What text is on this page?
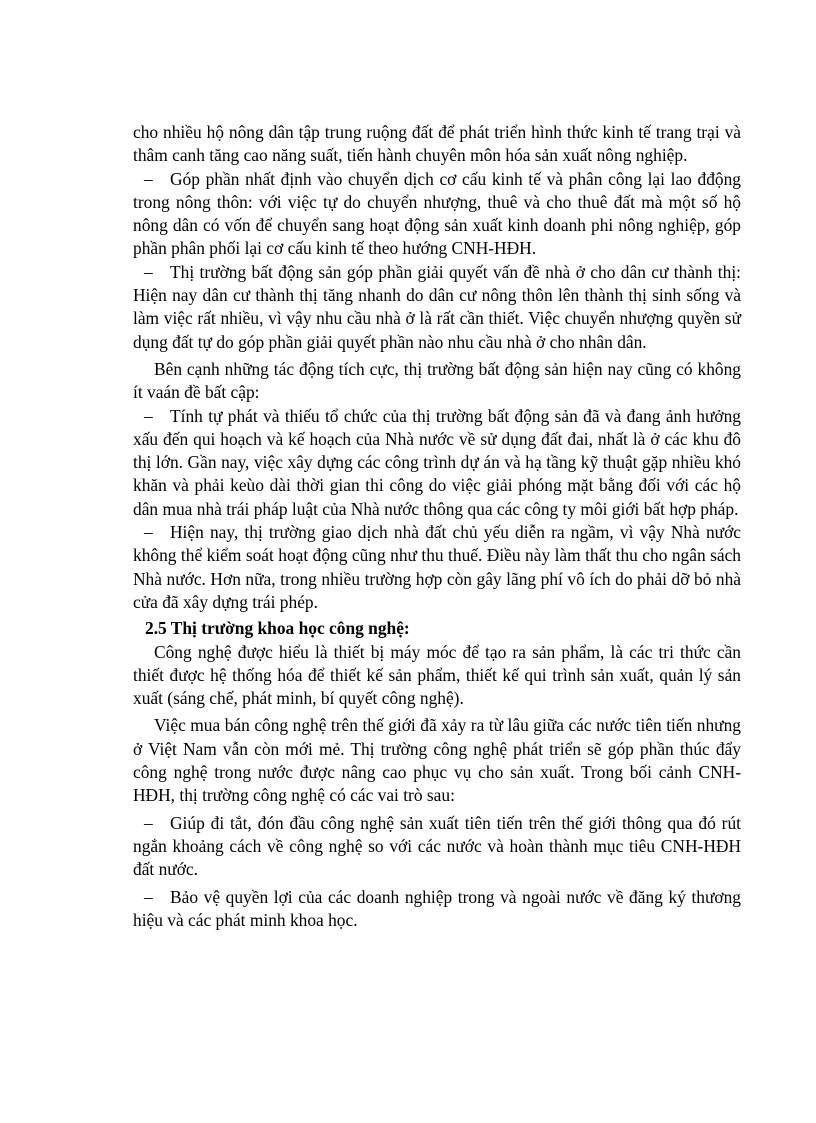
cho nhiều hộ nông dân tập trung ruộng đất để phát triển hình thức kinh tế trang trại và thâm canh tăng cao năng suất, tiến hành chuyên môn hóa sản xuất nông nghiệp.

– Góp phần nhất định vào chuyển dịch cơ cấu kinh tế và phân công lại lao đđộng trong nông thôn: với việc tự do chuyển nhượng, thuê và cho thuê đất mà một số hộ nông dân có vốn để chuyển sang hoạt động sản xuất kinh doanh phi nông nghiệp, góp phần phân phối lại cơ cấu kinh tế theo hướng CNH-HĐH.

– Thị trường bất động sản góp phần giải quyết vấn đề nhà ở cho dân cư thành thị: Hiện nay dân cư thành thị tăng nhanh do dân cư nông thôn lên thành thị sinh sống và làm việc rất nhiều, vì vậy nhu cầu nhà ở là rất cần thiết. Việc chuyển nhượng quyền sử dụng đất tự do góp phần giải quyết phần nào nhu cầu nhà ở cho nhân dân.

Bên cạnh những tác động tích cực, thị trường bất động sản hiện nay cũng có không ít vaán đề bất cập:

– Tính tự phát và thiếu tổ chức của thị trường bất động sản đã và đang ảnh hưởng xấu đến qui hoạch và kế hoạch của Nhà nước về sử dụng đất đai, nhất là ở các khu đô thị lớn. Gần nay, việc xây dựng các công trình dự án và hạ tầng kỹ thuật gặp nhiều khó khăn và phải keùo dài thời gian thi công do việc giải phóng mặt bằng đối với các hộ dân mua nhà trái pháp luật của Nhà nước thông qua các công ty môi giới bất hợp pháp.

– Hiện nay, thị trường giao dịch nhà đất chủ yếu diễn ra ngầm, vì vậy Nhà nước không thể kiểm soát hoạt động cũng như thu thuế. Điều này làm thất thu cho ngân sách Nhà nước. Hơn nữa, trong nhiều trường hợp còn gây lãng phí vô ích do phải dỡ bỏ nhà cửa đã xây dựng trái phép.

2.5 Thị trường khoa học công nghệ:

Công nghệ được hiểu là thiết bị máy móc để tạo ra sản phẩm, là các tri thức cần thiết được hệ thống hóa để thiết kế sản phẩm, thiết kế qui trình sản xuất, quản lý sản xuất (sáng chế, phát minh, bí quyết công nghệ).

Việc mua bán công nghệ trên thế giới đã xảy ra từ lâu giữa các nước tiên tiến nhưng ở Việt Nam vẫn còn mới mẻ. Thị trường công nghệ phát triển sẽ góp phần thúc đẩy công nghệ trong nước được nâng cao phục vụ cho sản xuất. Trong bối cảnh CNH-HĐH, thị trường công nghệ có các vai trò sau:

– Giúp đi tắt, đón đầu công nghệ sản xuất tiên tiến trên thế giới thông qua đó rút ngắn khoảng cách về công nghệ so với các nước và hoàn thành mục tiêu CNH-HĐH đất nước.

– Bảo vệ quyền lợi của các doanh nghiệp trong và ngoài nước về đăng ký thương hiệu và các phát minh khoa học.
